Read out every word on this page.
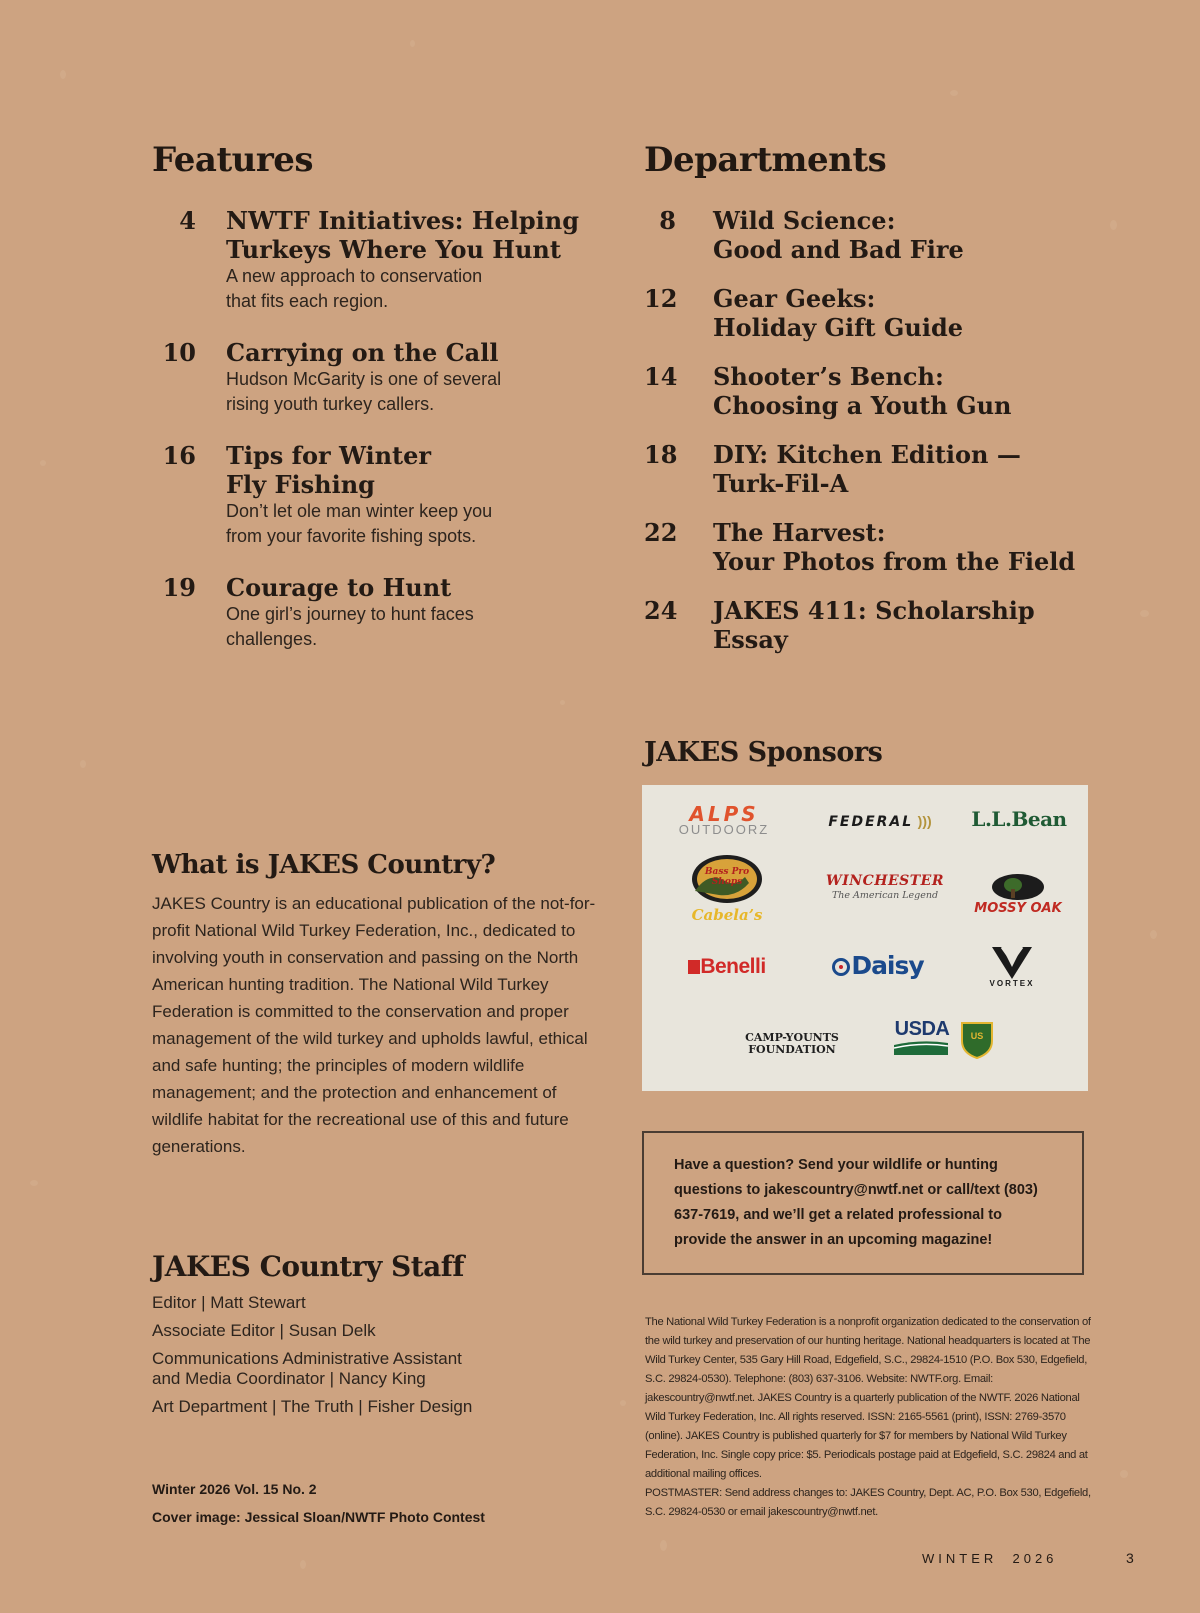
Features
4 NWTF Initiatives: Helping
Turkeys Where You Hunt
A new approach to conservation
that fits each region.
10 Carrying on the Call
Hudson McGarity is one of several
rising youth turkey callers.
16 Tips for Winter
Fly Fishing
Don’t let ole man winter keep you
from your favorite fishing spots.
19 Courage to Hunt
One girl’s journey to hunt faces
challenges.
Departments
8 Wild Science:
Good and Bad Fire
12 Gear Geeks:
Holiday Gift Guide
14 Shooter’s Bench:
Choosing a Youth Gun
18 DIY: Kitchen Edition —
Turk-Fil-A
22 The Harvest:
Your Photos from the Field
24 JAKES 411: Scholarship Essay
What is JAKES Country?

JAKES Country is an educational publication of the not-for-profit National Wild Turkey Federation, Inc., dedicated to involving youth in conservation and passing on the North American hunting tradition. The National Wild Turkey Federation is committed to the conservation and proper management of the wild turkey and upholds lawful, ethical and safe hunting; the principles of modern wildlife management; and the protection and enhancement of wildlife habitat for the recreational use of this and future generations.

JAKES Country Staff
Editor | Matt Stewart
Associate Editor | Susan Delk
Communications Administrative Assistant
and Media Coordinator | Nancy King
Art Department | The Truth | Fisher Design
Winter 2026 Vol. 15 No. 2
Cover image: Jessical Sloan/NWTF Photo Contest
JAKES Sponsors
ALPS
OUTDOORZ	FEDERAL )))	L.L.Bean
Bass Pro Shops
Cabela’s
WINCHESTER
The American Legend
MOSSY OAK
Benelli	Daisy
VORTEX
CAMP-YOUNTS
FOUNDATION
USDA	US
Have a question? Send your wildlife or hunting questions to jakescountry@nwtf.net or call/text (803) 637-7619, and we’ll get a related professional to provide the answer in an upcoming magazine!
The National Wild Turkey Federation is a nonprofit organization dedicated to the conservation of the wild turkey and preservation of our hunting heritage. National headquarters is located at The Wild Turkey Center, 535 Gary Hill Road, Edgefield, S.C., 29824-1510 (P.O. Box 530, Edgefield, S.C. 29824-0530). Telephone: (803) 637-3106. Website: NWTF.org. Email: jakescountry@nwtf.net. JAKES Country is a quarterly publication of the NWTF. 2026 National Wild Turkey Federation, Inc. All rights reserved. ISSN: 2165-5561 (print), ISSN: 2769-3570 (online). JAKES Country is published quarterly for $7 for members by National Wild Turkey Federation, Inc. Single copy price: $5. Periodicals postage paid at Edgefield, S.C. 29824 and at additional mailing offices.
POSTMASTER: Send address changes to: JAKES Country, Dept. AC, P.O. Box 530, Edgefield, S.C. 29824-0530 or email jakescountry@nwtf.net.
WINTER  2026	3
